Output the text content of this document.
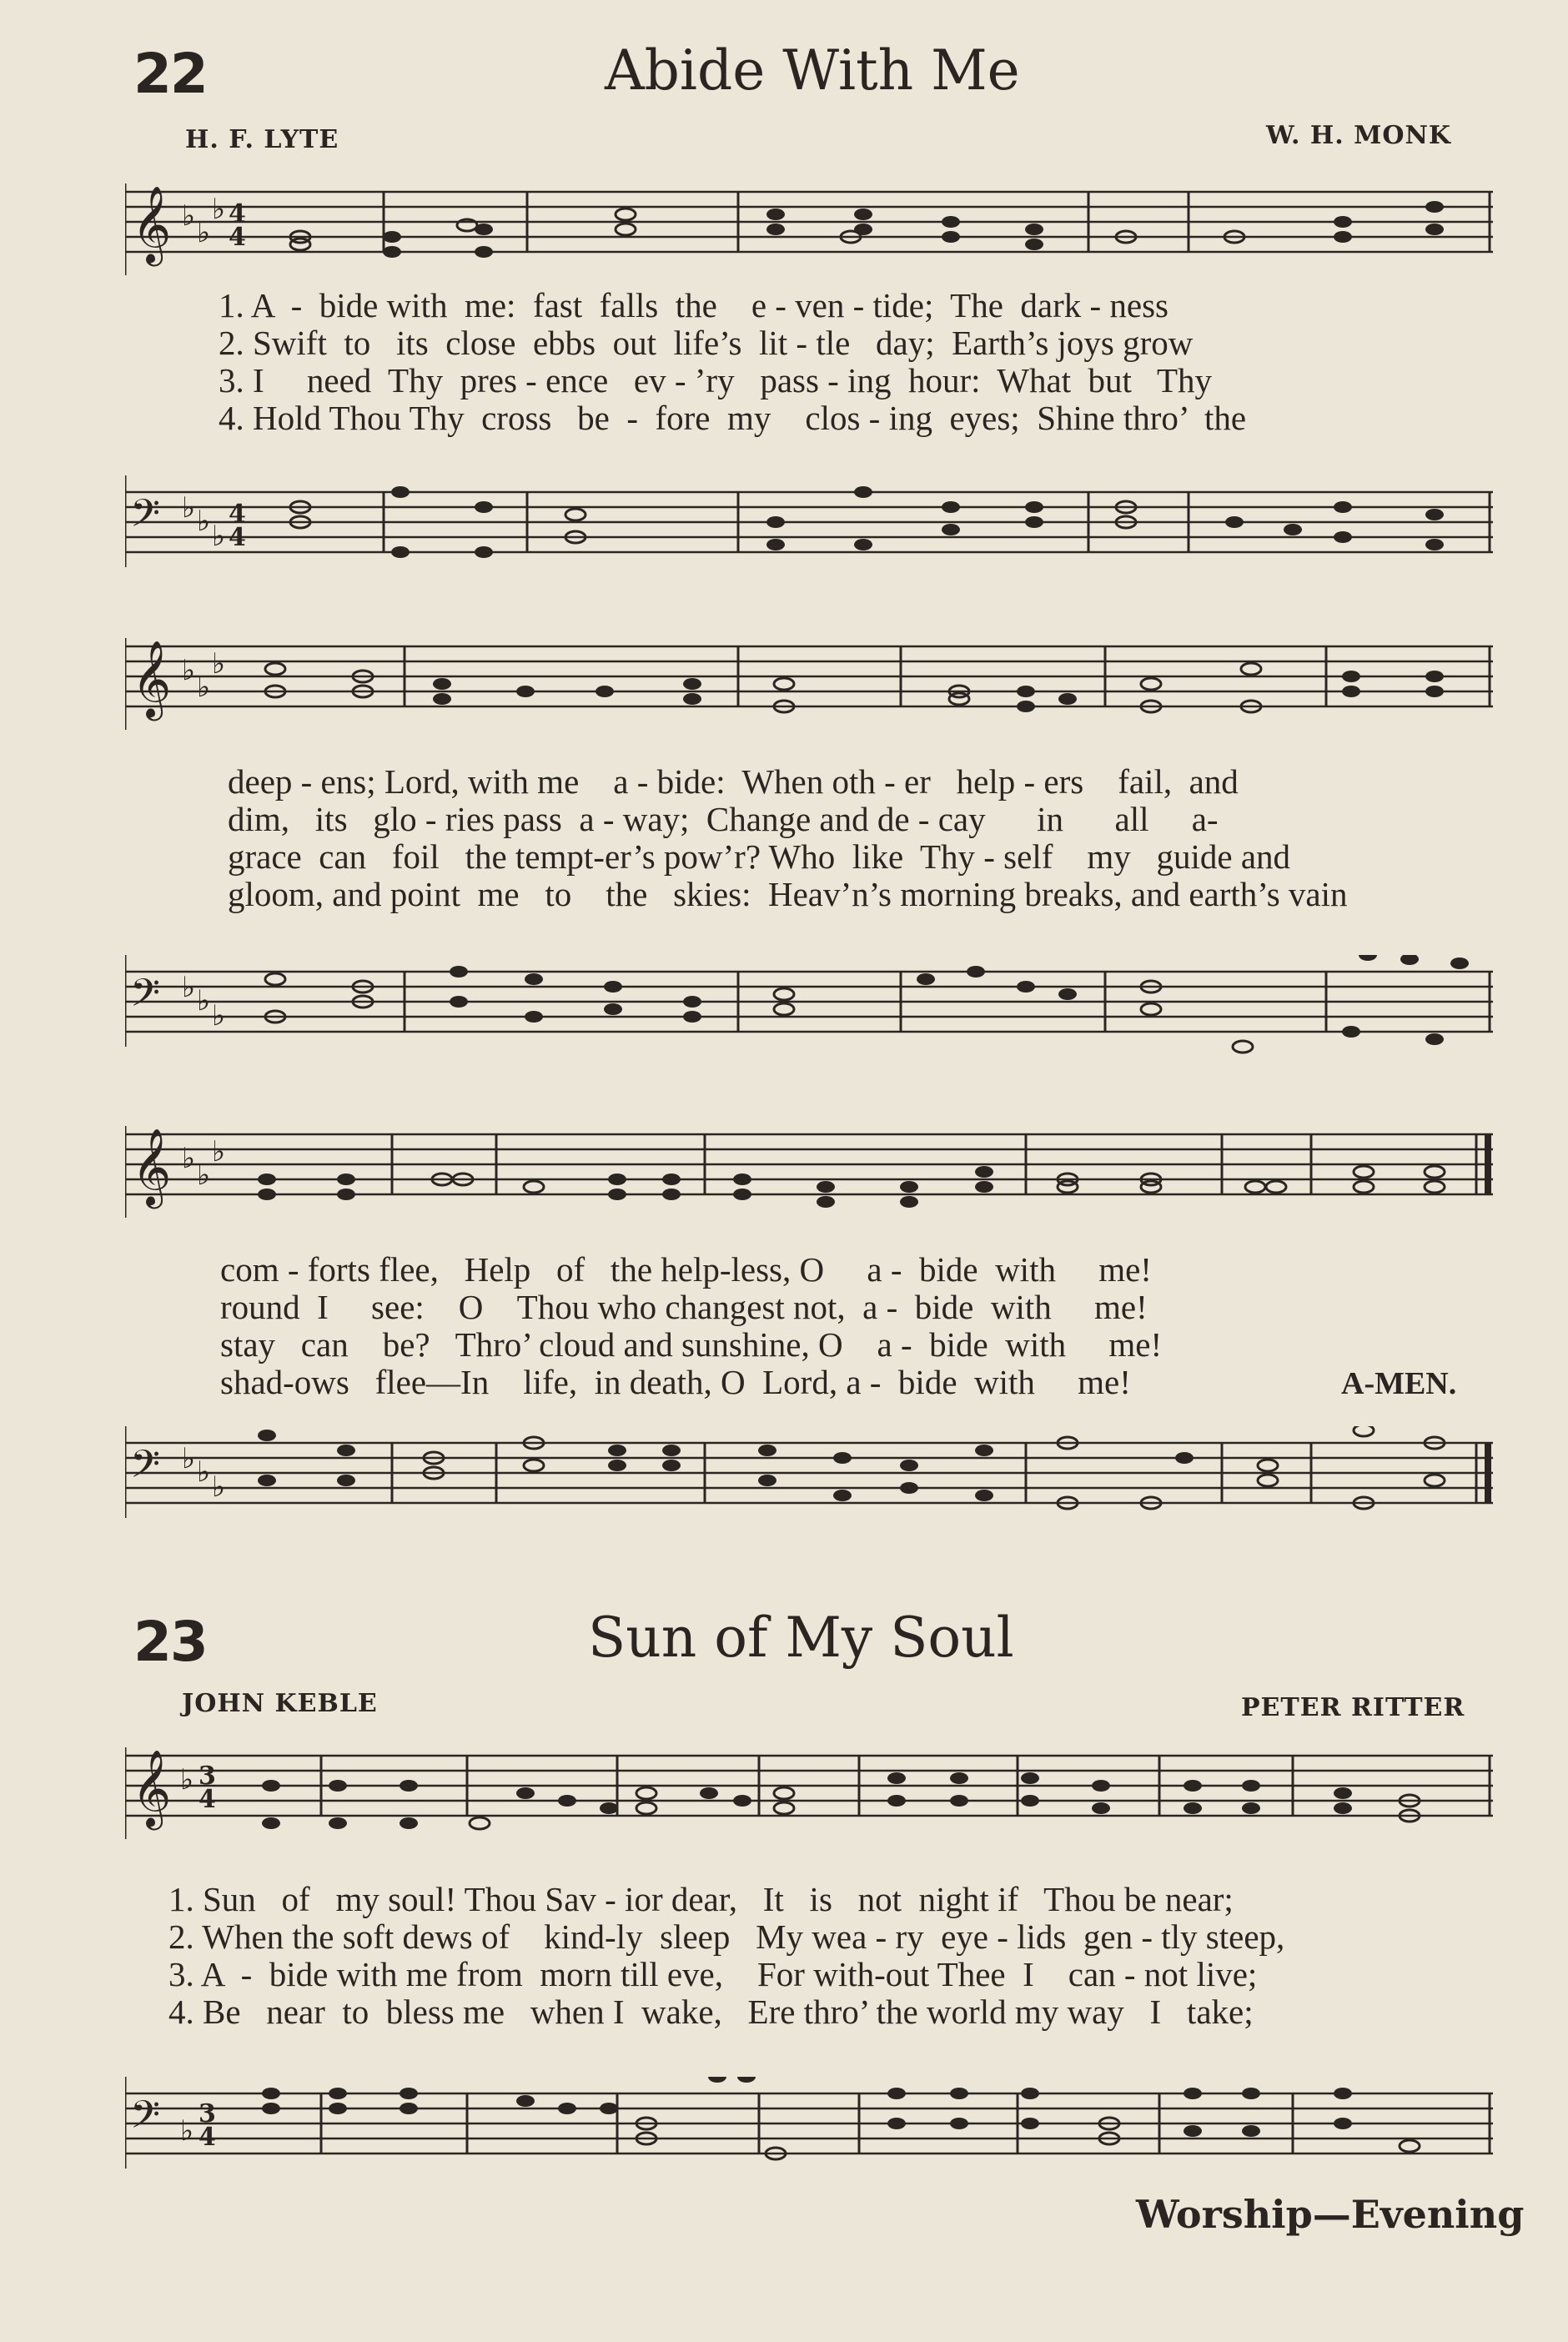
22	Abide With Me
H. F. LYTE	W. H. MONK
𝄞 ♭ ♭
♭ 4
4
1. A  -  bide with  me:  fast  falls  the    e - ven - tide;  The  dark - ness
2. Swift  to   its  close  ebbs  out  life’s  lit - tle   day;  Earth’s joys grow
3. I     need  Thy  pres - ence   ev - ’ry   pass - ing  hour:  What  but   Thy
4. Hold Thou Thy  cross   be  -  fore  my    clos - ing  eyes;  Shine thro’  the
𝄢 ♭ ♭ ♭
4
4
𝄞 ♭ ♭
♭
deep - ens; Lord, with me    a - bide:  When oth - er   help - ers    fail,  and
dim,   its   glo - ries pass  a - way;  Change and de - cay      in      all     a-
grace  can   foil   the tempt-er’s pow’r? Who  like  Thy - self    my   guide and
gloom, and point  me   to    the   skies:  Heav’n’s morning breaks, and earth’s vain
𝄢 ♭ ♭ ♭
𝄞 ♭ ♭
♭
com - forts flee,   Help   of   the help-less, O     a -  bide  with     me!
round  I     see:    O    Thou who changest not,  a -  bide  with     me!
stay   can    be?   Thro’ cloud and sunshine, O    a -  bide  with     me!
shad-ows   flee—In    life,  in death, O  Lord, a -  bide  with     me!	A-MEN.
𝄢 ♭ ♭ ♭
23	Sun of My Soul
JOHN KEBLE	PETER RITTER
𝄞 ♭ 3
4
1. Sun   of   my soul! Thou Sav - ior dear,   It   is   not  night if   Thou be near;
2. When the soft dews of    kind-ly  sleep   My wea - ry  eye - lids  gen - tly steep,
3. A  -  bide with me from  morn till eve,    For with-out Thee  I    can - not live;
4. Be   near  to  bless me   when I  wake,   Ere thro’ the world my way   I   take;
𝄢 ♭
3
4
Worship—Evening
